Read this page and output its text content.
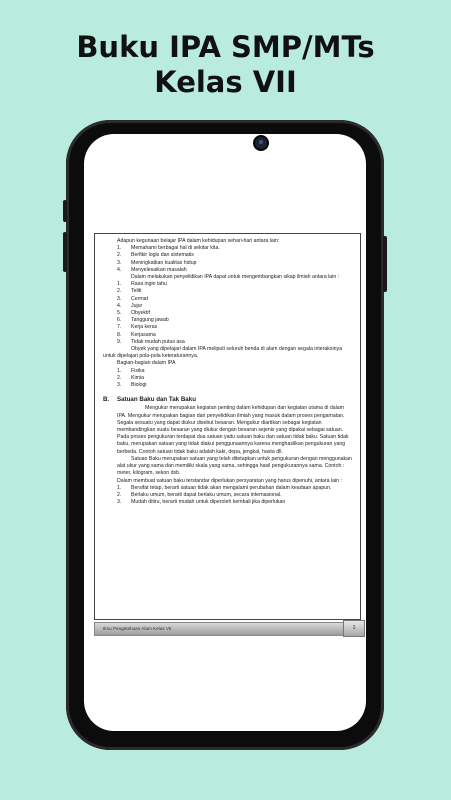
Buku IPA SMP/MTs
Kelas VII

Adapun kegunaan belajar IPA dalam kehidupan sehari-hari antara lain:

1.	Memahami berbagai hal di sekitar kita.
2.	Berfikir logis dan sistematis
3.	Meningkatkan kualitas hidup
4.	Menyelesaikan masalah

Dalam melakukan penyelidikan IPA dapat untuk mengembangkan sikap ilmiah antara lain :

1.	Rasa ingin tahu
2.	Teliti
3.	Cermat
4.	Jujur
5.	Obyektif
6.	Tanggung jawab
7.	Kerja keras
8.	Kerjasama
9.	Tidak mudah putus asa

Obyek yang dipelajari dalam IPA meliputi seluruh benda di alam dengan segala interaksinya untuk dipelajari pola-pola keteraturannya.

Bagian-bagian dalam IPA

1.	Fisika
2.	Kimia
3.	Biologi
B.	Satuan Baku dan Tak Baku

Mengukur merupakan kegiatan penting dalam kehidupan dan kegiatan utama di dalam IPA. Mengukur merupakan bagian dari penyelidikan ilmiah yang masuk dalam proses pengamatan. Segala sesuatu yang dapat diukur disebut besaran. Mengukur diartikan sebagai kegiatan membandingkan suatu besaran yang diukur dengan besaran sejenis yang dipakai sebagai satuan. Pada proses pengukuran terdapat dua satuan yaitu satuan baku dan satuan tidak baku. Satuan tidak baku, merupakan satuan yang tidak diakui penggunaannya karena menghasilkan pengukuran yang berbeda. Contoh satuan tidak baku adalah kaki, depa, jengkal, hasta dll.

Satuan Baku merupakan satuan yang telah ditetapkan untuk pengukuran dengan menggunakan alat ukur yang sama dan memiliki skala yang sama, sehingga hasil pengukurannya sama. Contoh : meter, kilogram, sekon dsb.

Dalam membuat satuan baku terstandar diperlukan persyaratan yang harus dipenuhi, antara lain :

1.	Bersifat tetap, berarti satuan tidak akan mengalami perubahan dalam keadaan apapun.
2.	Berlaku umum, berarti dapat berlaku umum, secara internasional.
3.	Mudah ditiru, berarti mudah untuk diperoleh kembali jika diperlukan
Ilmu Pengetahuan Alam Kelas VII	1
